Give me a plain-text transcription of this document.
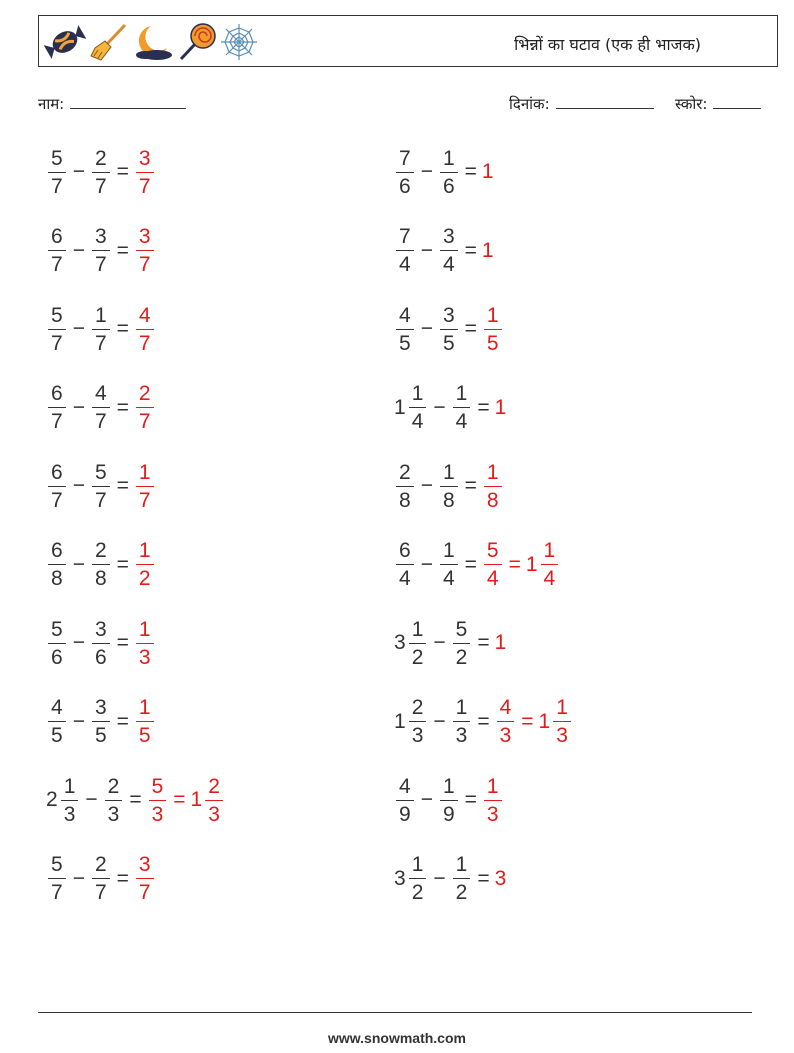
भिन्नों का घटाव (एक ही भाजक)
नाम:	दिनांक:	स्कोर:
$\frac{5}{7} - \frac{2}{7} = \frac{3}{7}$
$\frac{6}{7} - \frac{3}{7} = \frac{3}{7}$
$\frac{5}{7} - \frac{1}{7} = \frac{4}{7}$
$\frac{6}{7} - \frac{4}{7} = \frac{2}{7}$
$\frac{6}{7} - \frac{5}{7} = \frac{1}{7}$
$\frac{6}{8} - \frac{2}{8} = \frac{1}{2}$
$\frac{5}{6} - \frac{3}{6} = \frac{1}{3}$
$\frac{4}{5} - \frac{3}{5} = \frac{1}{5}$
$2 \frac{1}{3} - \frac{2}{3} = \frac{5}{3} = 1 \frac{2}{3}$
$\frac{5}{7} - \frac{2}{7} = \frac{3}{7}$
$\frac{7}{6} - \frac{1}{6} = 1$
$\frac{7}{4} - \frac{3}{4} = 1$
$\frac{4}{5} - \frac{3}{5} = \frac{1}{5}$
$1 \frac{1}{4} - \frac{1}{4} = 1$
$\frac{2}{8} - \frac{1}{8} = \frac{1}{8}$
$\frac{6}{4} - \frac{1}{4} = \frac{5}{4} = 1 \frac{1}{4}$
$3 \frac{1}{2} - \frac{5}{2} = 1$
$1 \frac{2}{3} - \frac{1}{3} = \frac{4}{3} = 1 \frac{1}{3}$
$\frac{4}{9} - \frac{1}{9} = \frac{1}{3}$
$3 \frac{1}{2} - \frac{1}{2} = 3$
www.snowmath.com
